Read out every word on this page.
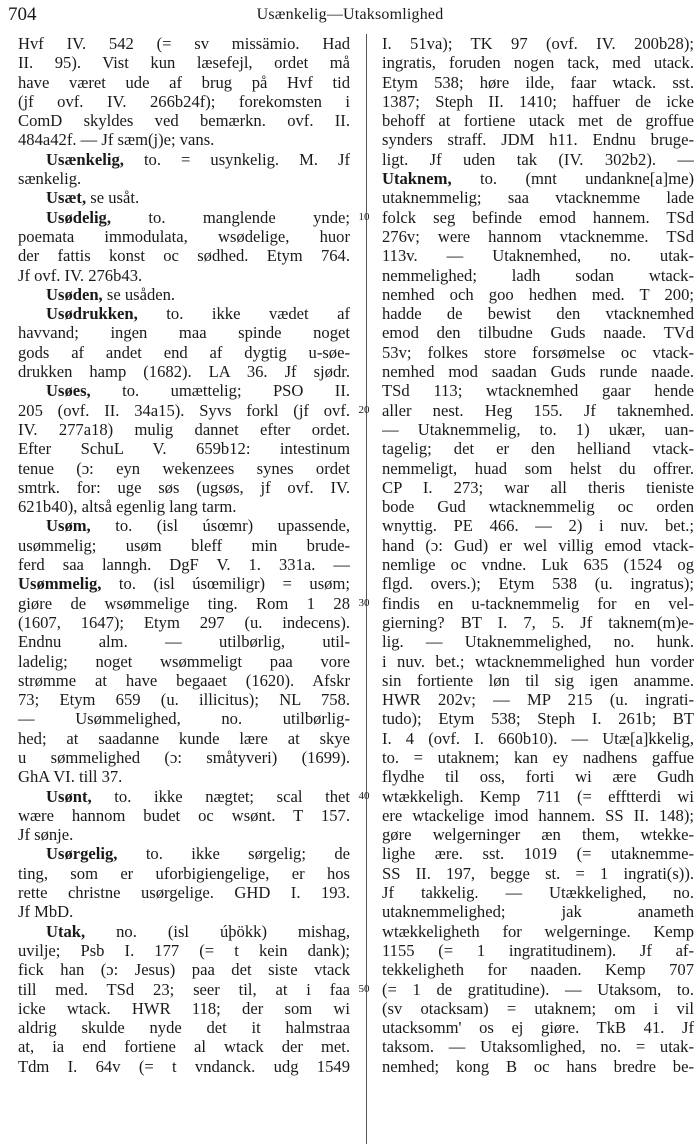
704	Usænkelig—Utaksomlighed
Hvf IV. 542 (= sv missämio. Had
II. 95). Vist kun læsefejl, ordet må
have været ude af brug på Hvf tid
(jf ovf. IV. 266b24f); forekomsten i
ComD skyldes ved bemærkn. ovf. II.
484a42f. — Jf sæm(j)e; vans.
Usænkelig, to. = usynkelig. M. Jf
sænkelig.
Usæt, se usåt.
Usødelig, to. manglende ynde;
poemata immodulata, wsødelige, huor
der fattis konst oc sødhed. Etym 764.
Jf ovf. IV. 276b43.
Usøden, se usåden.
Usødrukken, to. ikke vædet af
havvand; ingen maa spinde noget
gods af andet end af dygtig u-søe-
drukken hamp (1682). LA 36. Jf sjødr.
Usøes, to. umættelig; PSO II.
205 (ovf. II. 34a15). Syvs forkl (jf ovf.
IV. 277a18) mulig dannet efter ordet.
Efter SchuL V. 659b12: intestinum
tenue (ɔ: eyn wekenzees synes ordet
smtrk. for: uge søs (ugsøs, jf ovf. IV.
621b40), altså egenlig lang tarm.
Usøm, to. (isl úsœmr) upassende,
usømmelig; usøm bleff min brude-
ferd saa lanngh. DgF V. 1. 331a. —
Usømmelig, to. (isl úsœmiligr) = usøm;
giøre de wsømmelige ting. Rom 1 28
(1607, 1647); Etym 297 (u. indecens).
Endnu alm. — utilbørlig, util-
ladelig; noget wsømmeligt paa vore
strømme at have begaaet (1620). Afskr
73; Etym 659 (u. illicitus); NL 758.
— Usømmelighed, no. utilbørlig-
hed; at saadanne kunde lære at skye
u sømmelighed (ɔ: småtyveri) (1699).
GhA VI. till 37.
Usønt, to. ikke nægtet; scal thet
wære hannom budet oc wsønt. T 157.
Jf sønje.
Usørgelig, to. ikke sørgelig; de
ting, som er uforbigiengelige, er hos
rette christne usørgelige. GHD I. 193.
Jf MbD.
Utak, no. (isl úþökk) mishag,
uvilje; Psb I. 177 (= t kein dank);
fick han (ɔ: Jesus) paa det siste vtack
till med. TSd 23; seer til, at i faa
icke wtack. HWR 118; der som wi
aldrig skulde nyde det it halmstraa
at, ia end fortiene al wtack der met.
Tdm I. 64v (= t vndanck. udg 1549
10
20
30
40
50
I. 51va); TK 97 (ovf. IV. 200b28);
ingratis, foruden nogen tack, med utack.
Etym 538; høre ilde, faar wtack. sst.
1387; Steph II. 1410; haffuer de icke
behoff at fortiene utack met de groffue
synders straff. JDM h11. Endnu bruge-
ligt. Jf uden tak (IV. 302b2). —
Utaknem, to. (mnt undankne[a]me)
utaknemmelig; saa vtacknemme lade
folck seg befinde emod hannem. TSd
276v; were hannom vtacknemme. TSd
113v. — Utaknemhed, no. utak-
nemmelighed; ladh sodan wtack-
nemhed och goo hedhen med. T 200;
hadde de bewist den vtacknemhed
emod den tilbudne Guds naade. TVd
53v; folkes store forsømelse oc vtack-
nemhed mod saadan Guds runde naade.
TSd 113; wtacknemhed gaar hende
aller nest. Heg 155. Jf taknemhed.
— Utaknemmelig, to. 1) ukær, uan-
tagelig; det er den helliand vtack-
nemmeligt, huad som helst du offrer.
CP I. 273; war all theris tieniste
bode Gud wtacknemmelig oc orden
wnyttig. PE 466. — 2) i nuv. bet.;
hand (ɔ: Gud) er wel villig emod vtack-
nemlige oc vndne. Luk 635 (1524 og
flgd. overs.); Etym 538 (u. ingratus);
findis en u-tacknemmelig for en vel-
gierning? BT I. 7, 5. Jf taknem(m)e-
lig. — Utaknemmelighed, no. hunk.
i nuv. bet.; wtacknemmelighed hun vorder
sin fortiente løn til sig igen anamme.
HWR 202v; — MP 215 (u. ingrati-
tudo); Etym 538; Steph I. 261b; BT
I. 4 (ovf. I. 660b10). — Utæ[a]kkelig,
to. = utaknem; kan ey nadhens gaffue
flydhe til oss, forti wi ære Gudh
wtækkeligh. Kemp 711 (= efftterdi wi
ere wtackelige imod hannem. SS II. 148);
gøre welgerninger æn them, wtekke-
lighe ære. sst. 1019 (= utaknemme-
SS II. 197, begge st. = 1 ingrati(s)).
Jf takkelig. — Utækkelighed, no.
utaknemmelighed; jak anameth
wtækkeligheth for welgerninge. Kemp
1155 (= 1 ingratitudinem). Jf af-
tekkeligheth for naaden. Kemp 707
(= 1 de gratitudine). — Utaksom, to.
(sv otacksam) = utaknem; om i vil
utacksomm' os ej giøre. TkB 41. Jf
taksom. — Utaksomlighed, no. = utak-
nemhed; kong B oc hans bredre be-
